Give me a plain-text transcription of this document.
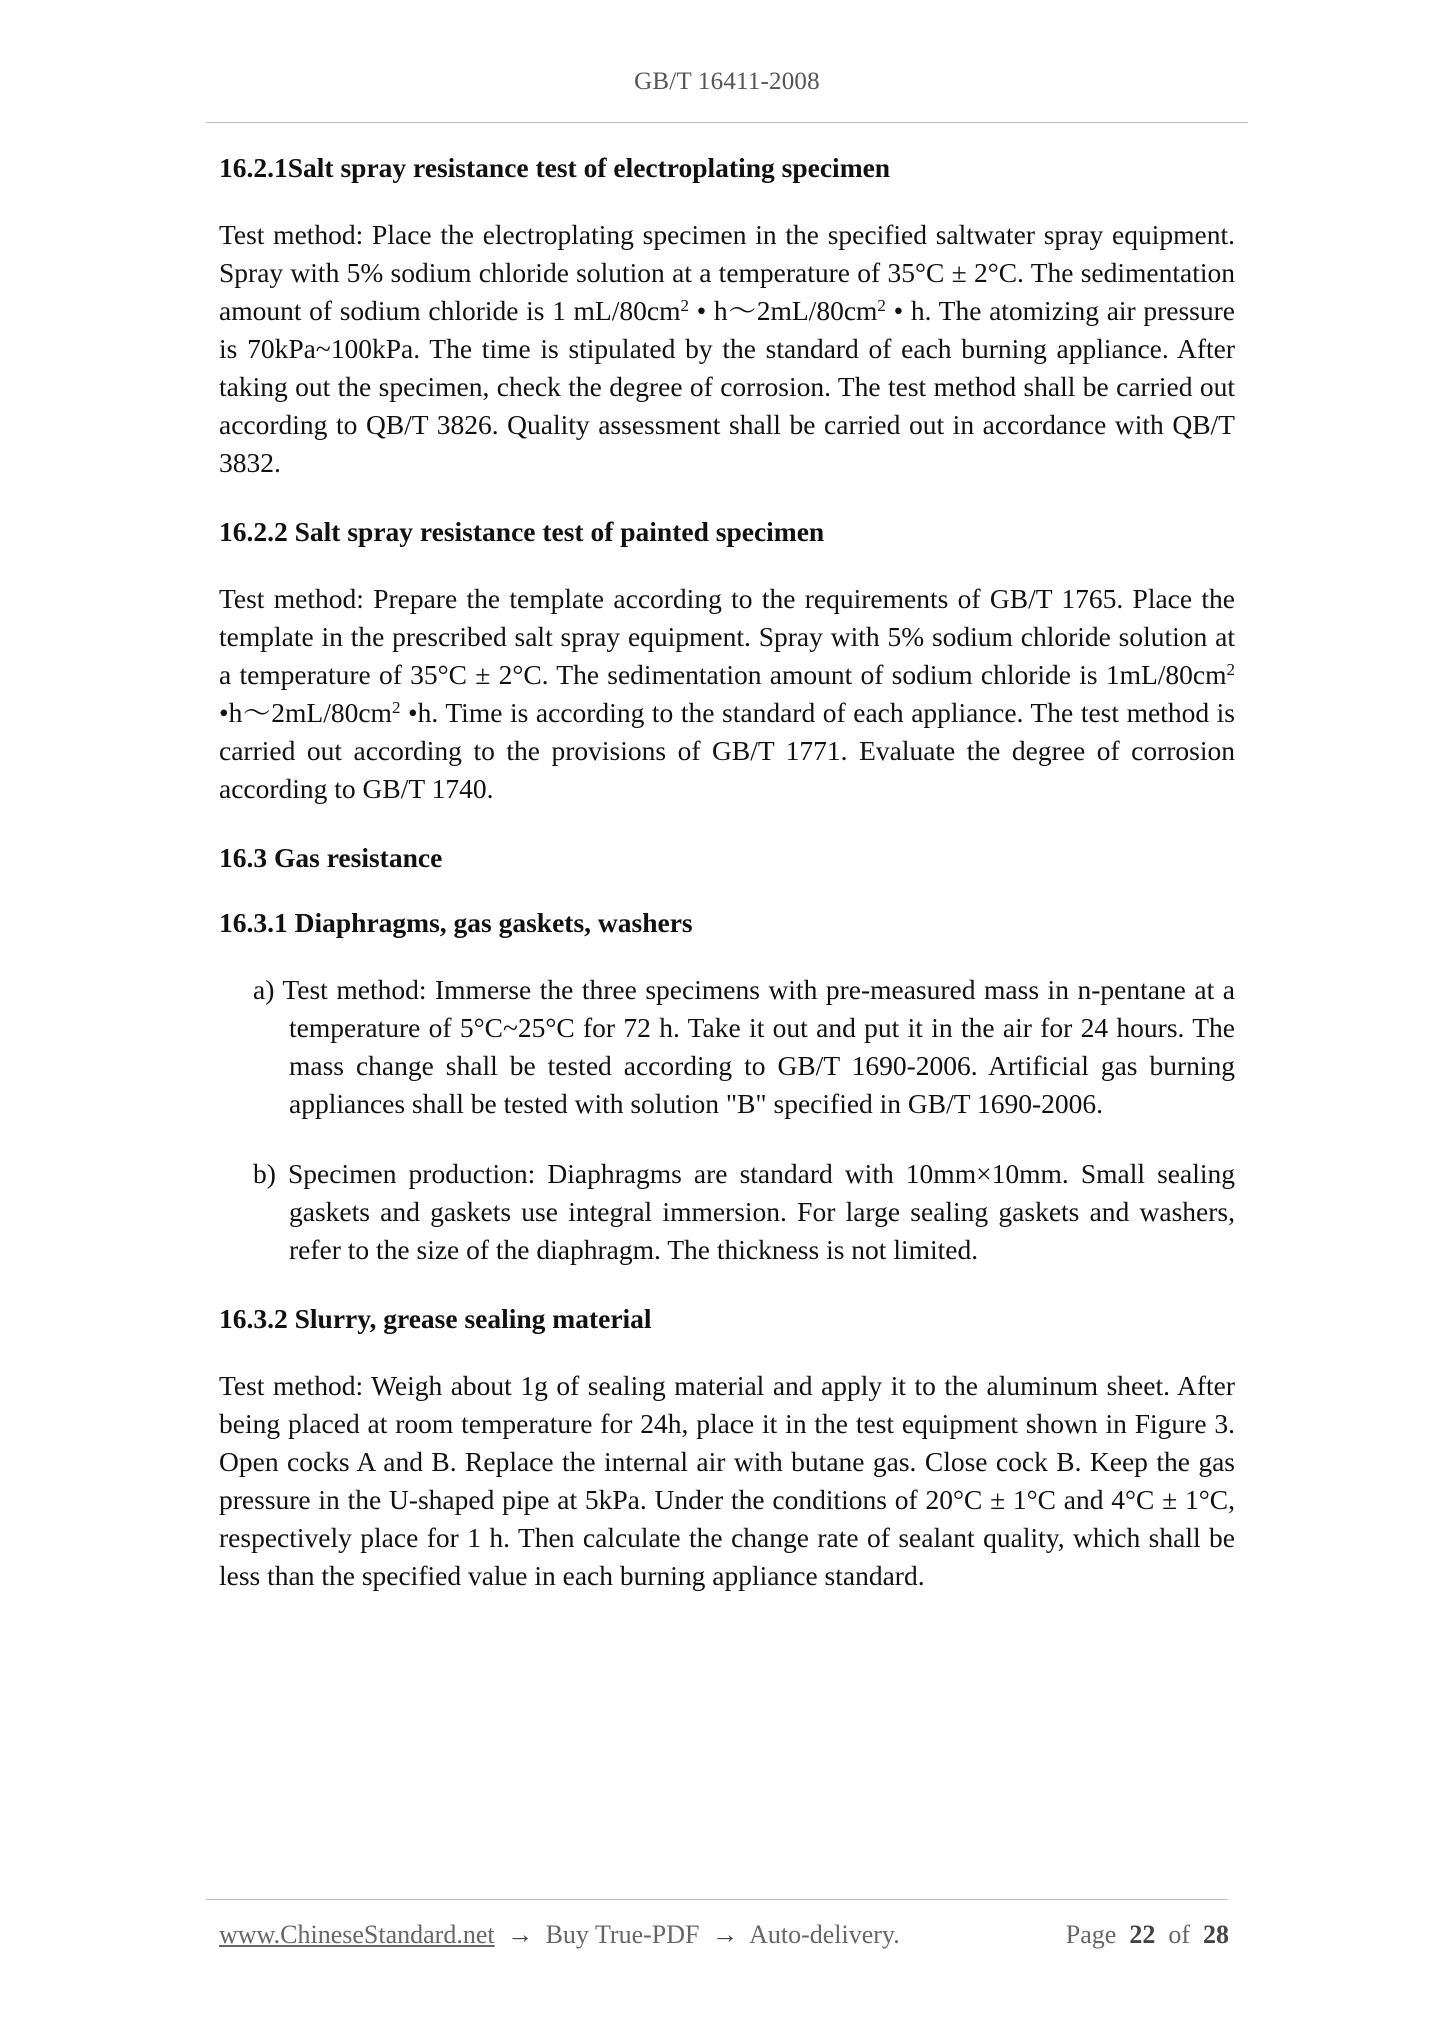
GB/T 16411-2008
16.2.1Salt spray resistance test of electroplating specimen

Test method: Place the electroplating specimen in the specified saltwater spray equipment. Spray with 5% sodium chloride solution at a temperature of 35°C ± 2°C. The sedimentation amount of sodium chloride is 1 $mL/80cm^2$ • $h\sim 2mL/80cm^2$ • h. The atomizing air pressure is 70kPa~100kPa. The time is stipulated by the standard of each burning appliance. After taking out the specimen, check the degree of corrosion. The test method shall be carried out according to QB/T 3826. Quality assessment shall be carried out in accordance with QB/T 3832.

16.2.2 Salt spray resistance test of painted specimen

Test method: Prepare the template according to the requirements of GB/T 1765. Place the template in the prescribed salt spray equipment. Spray with 5% sodium chloride solution at a temperature of 35°C ± 2°C. The sedimentation amount of sodium chloride is $1mL/80cm^2$ $•h\sim 2mL/80cm^2$ •h. Time is according to the standard of each appliance. The test method is carried out according to the provisions of GB/T 1771. Evaluate the degree of corrosion according to GB/T 1740.

16.3 Gas resistance
16.3.1 Diaphragms, gas gaskets, washers

a) Test method: Immerse the three specimens with pre-measured mass in n-pentane at a temperature of 5°C~25°C for 72 h. Take it out and put it in the air for 24 hours. The mass change shall be tested according to GB/T 1690-2006. Artificial gas burning appliances shall be tested with solution "B" specified in GB/T 1690-2006.

b) Specimen production: Diaphragms are standard with 10mm×10mm. Small sealing gaskets and gaskets use integral immersion. For large sealing gaskets and washers, refer to the size of the diaphragm. The thickness is not limited.

16.3.2 Slurry, grease sealing material

Test method: Weigh about 1g of sealing material and apply it to the aluminum sheet. After being placed at room temperature for 24h, place it in the test equipment shown in Figure 3. Open cocks A and B. Replace the internal air with butane gas. Close cock B. Keep the gas pressure in the U-shaped pipe at 5kPa. Under the conditions of 20°C ± 1°C and 4°C ± 1°C, respectively place for 1 h. Then calculate the change rate of sealant quality, which shall be less than the specified value in each burning appliance standard.

www.ChineseStandard.net → Buy True-PDF → Auto-delivery.	Page 22 of 28
